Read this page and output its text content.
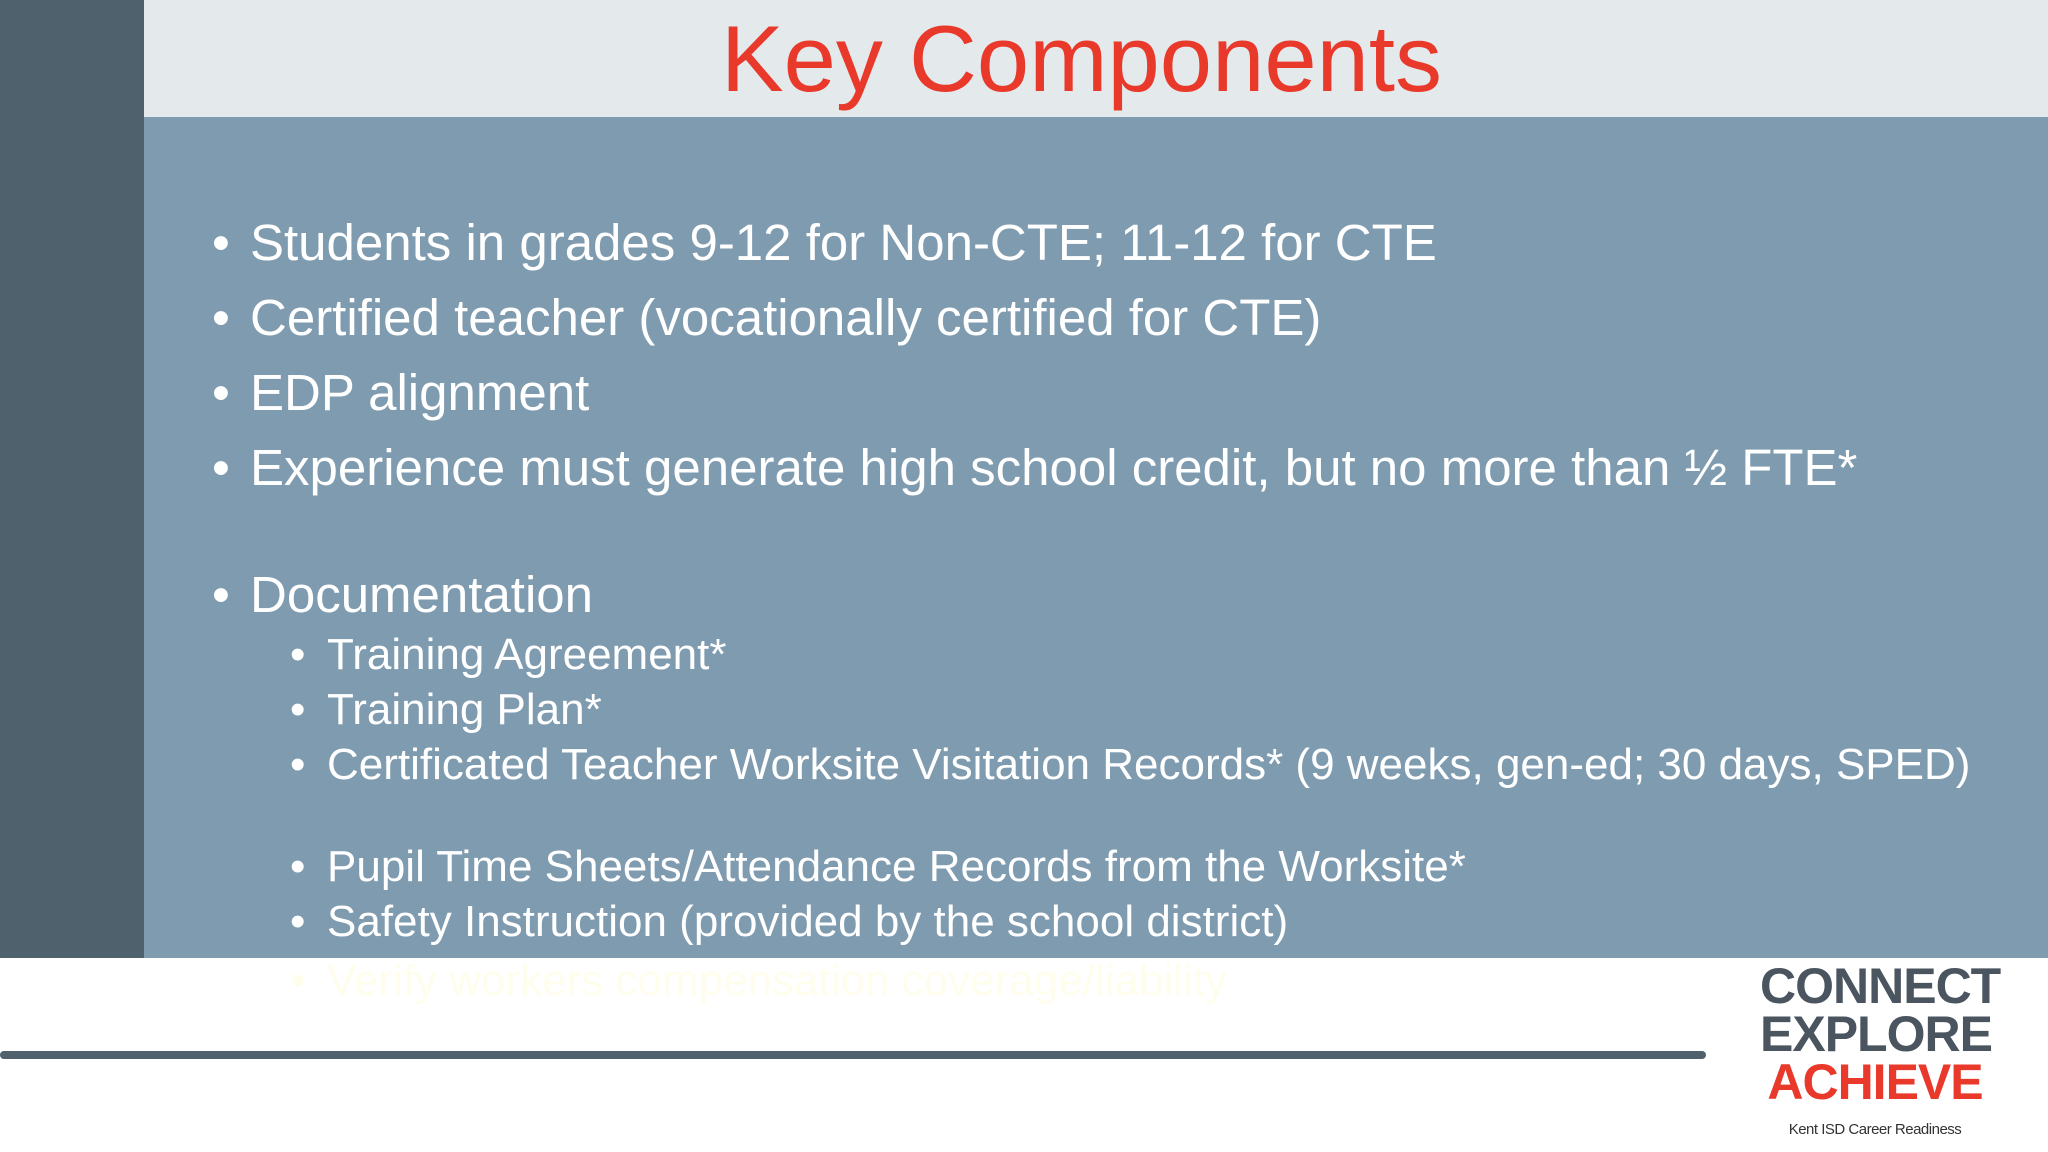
Key Components
• Students in grades 9-12 for Non-CTE; 11-12 for CTE
• Certified teacher (vocationally certified for CTE)
• EDP alignment
• Experience must generate high school credit, but no more than ½ FTE*
• Documentation
• Training Agreement*
• Training Plan*
• Certificated Teacher Worksite Visitation Records* (9 weeks, gen-ed; 30 days, SPED)
• Pupil Time Sheets/Attendance Records from the Worksite*
• Safety Instruction (provided by the school district)
• Verify workers compensation coverage/liability	CONNECT
EXPLORE
ACHIEVE
Kent ISD Career Readiness
